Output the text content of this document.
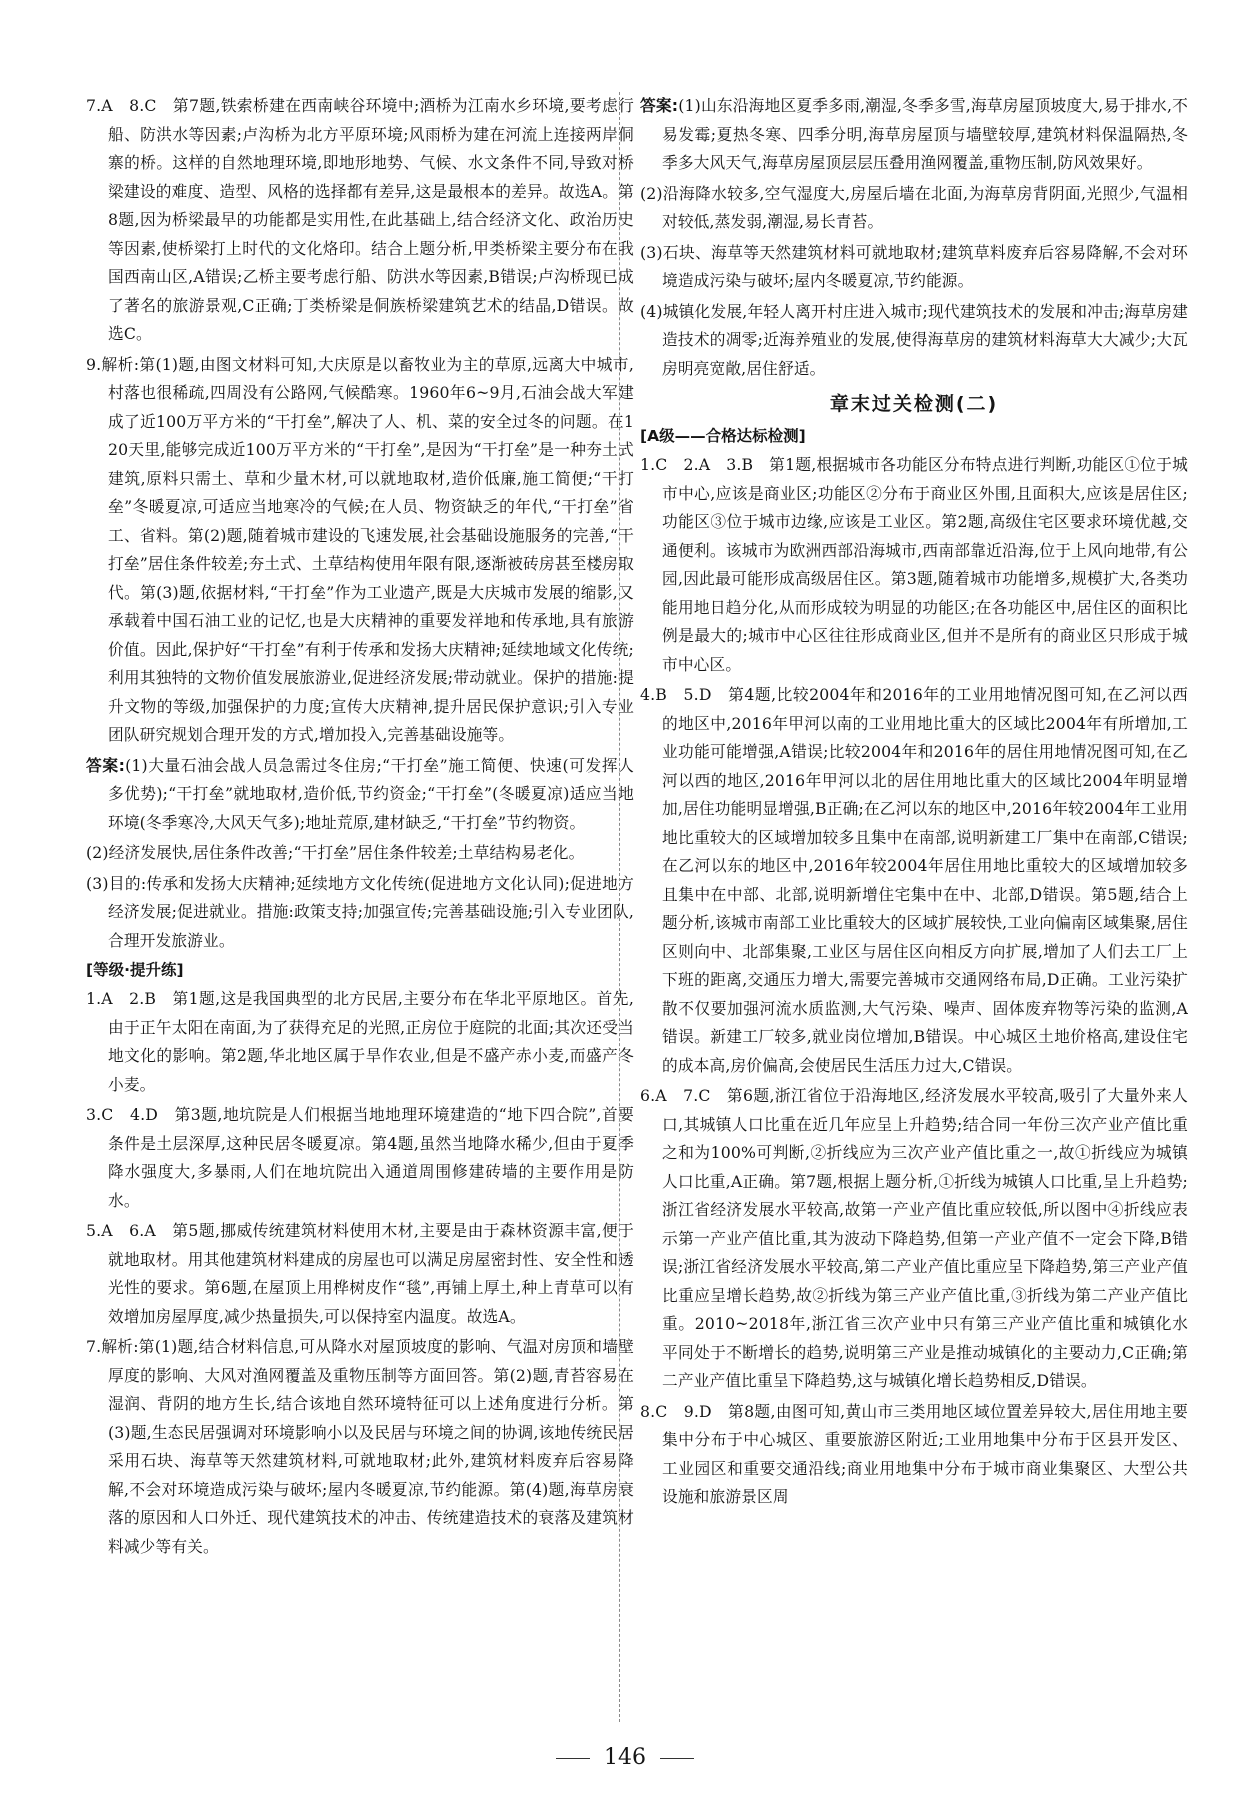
7.A　8.C　第7题,铁索桥建在西南峡谷环境中;酒桥为江南水乡环境,要考虑行船、防洪水等因素;卢沟桥为北方平原环境;风雨桥为建在河流上连接两岸侗寨的桥。这样的自然地理环境,即地形地势、气候、水文条件不同,导致对桥梁建设的难度、造型、风格的选择都有差异,这是最根本的差异。故选A。第8题,因为桥梁最早的功能都是实用性,在此基础上,结合经济文化、政治历史等因素,使桥梁打上时代的文化烙印。结合上题分析,甲类桥梁主要分布在我国西南山区,A错误;乙桥主要考虑行船、防洪水等因素,B错误;卢沟桥现已成了著名的旅游景观,C正确;丁类桥梁是侗族桥梁建筑艺术的结晶,D错误。故选C。

9.解析:第(1)题,由图文材料可知,大庆原是以畜牧业为主的草原,远离大中城市,村落也很稀疏,四周没有公路网,气候酷寒。1960年6~9月,石油会战大军建成了近100万平方米的“干打垒”,解决了人、机、菜的安全过冬的问题。在120天里,能够完成近100万平方米的“干打垒”,是因为“干打垒”是一种夯土式建筑,原料只需土、草和少量木材,可以就地取材,造价低廉,施工简便;“干打垒”冬暖夏凉,可适应当地寒冷的气候;在人员、物资缺乏的年代,“干打垒”省工、省料。第(2)题,随着城市建设的飞速发展,社会基础设施服务的完善,“干打垒”居住条件较差;夯土式、土草结构使用年限有限,逐渐被砖房甚至楼房取代。第(3)题,依据材料,“干打垒”作为工业遗产,既是大庆城市发展的缩影,又承载着中国石油工业的记忆,也是大庆精神的重要发祥地和传承地,具有旅游价值。因此,保护好“干打垒”有利于传承和发扬大庆精神;延续地域文化传统;利用其独特的文物价值发展旅游业,促进经济发展;带动就业。保护的措施:提升文物的等级,加强保护的力度;宣传大庆精神,提升居民保护意识;引入专业团队研究规划合理开发的方式,增加投入,完善基础设施等。

答案:(1)大量石油会战人员急需过冬住房;“干打垒”施工简便、快速(可发挥人多优势);“干打垒”就地取材,造价低,节约资金;“干打垒”(冬暖夏凉)适应当地环境(冬季寒冷,大风天气多);地址荒原,建材缺乏,“干打垒”节约物资。

(2)经济发展快,居住条件改善;“干打垒”居住条件较差;土草结构易老化。

(3)目的:传承和发扬大庆精神;延续地方文化传统(促进地方文化认同);促进地方经济发展;促进就业。措施:政策支持;加强宣传;完善基础设施;引入专业团队,合理开发旅游业。

[等级·提升练]

1.A　2.B　第1题,这是我国典型的北方民居,主要分布在华北平原地区。首先,由于正午太阳在南面,为了获得充足的光照,正房位于庭院的北面;其次还受当地文化的影响。第2题,华北地区属于旱作农业,但是不盛产赤小麦,而盛产冬小麦。

3.C　4.D　第3题,地坑院是人们根据当地地理环境建造的“地下四合院”,首要条件是土层深厚,这种民居冬暖夏凉。第4题,虽然当地降水稀少,但由于夏季降水强度大,多暴雨,人们在地坑院出入通道周围修建砖墙的主要作用是防水。

5.A　6.A　第5题,挪威传统建筑材料使用木材,主要是由于森林资源丰富,便于就地取材。用其他建筑材料建成的房屋也可以满足房屋密封性、安全性和透光性的要求。第6题,在屋顶上用桦树皮作“毯”,再铺上厚土,种上青草可以有效增加房屋厚度,减少热量损失,可以保持室内温度。故选A。

7.解析:第(1)题,结合材料信息,可从降水对屋顶坡度的影响、气温对房顶和墙壁厚度的影响、大风对渔网覆盖及重物压制等方面回答。第(2)题,青苔容易在湿润、背阴的地方生长,结合该地自然环境特征可以上述角度进行分析。第(3)题,生态民居强调对环境影响小以及民居与环境之间的协调,该地传统民居采用石块、海草等天然建筑材料,可就地取材;此外,建筑材料废弃后容易降解,不会对环境造成污染与破坏;屋内冬暖夏凉,节约能源。第(4)题,海草房衰落的原因和人口外迁、现代建筑技术的冲击、传统建造技术的衰落及建筑材料减少等有关。

答案:(1)山东沿海地区夏季多雨,潮湿,冬季多雪,海草房屋顶坡度大,易于排水,不易发霉;夏热冬寒、四季分明,海草房屋顶与墙壁较厚,建筑材料保温隔热,冬季多大风天气,海草房屋顶层层压叠用渔网覆盖,重物压制,防风效果好。

(2)沿海降水较多,空气湿度大,房屋后墙在北面,为海草房背阴面,光照少,气温相对较低,蒸发弱,潮湿,易长青苔。

(3)石块、海草等天然建筑材料可就地取材;建筑草料废弃后容易降解,不会对环境造成污染与破坏;屋内冬暖夏凉,节约能源。

(4)城镇化发展,年轻人离开村庄进入城市;现代建筑技术的发展和冲击;海草房建造技术的凋零;近海养殖业的发展,使得海草房的建筑材料海草大大减少;大瓦房明亮宽敞,居住舒适。

章末过关检测(二)
[A级——合格达标检测]

1.C　2.A　3.B　第1题,根据城市各功能区分布特点进行判断,功能区①位于城市中心,应该是商业区;功能区②分布于商业区外围,且面积大,应该是居住区;功能区③位于城市边缘,应该是工业区。第2题,高级住宅区要求环境优越,交通便利。该城市为欧洲西部沿海城市,西南部靠近沿海,位于上风向地带,有公园,因此最可能形成高级居住区。第3题,随着城市功能增多,规模扩大,各类功能用地日趋分化,从而形成较为明显的功能区;在各功能区中,居住区的面积比例是最大的;城市中心区往往形成商业区,但并不是所有的商业区只形成于城市中心区。

4.B　5.D　第4题,比较2004年和2016年的工业用地情况图可知,在乙河以西的地区中,2016年甲河以南的工业用地比重大的区域比2004年有所增加,工业功能可能增强,A错误;比较2004年和2016年的居住用地情况图可知,在乙河以西的地区,2016年甲河以北的居住用地比重大的区域比2004年明显增加,居住功能明显增强,B正确;在乙河以东的地区中,2016年较2004年工业用地比重较大的区域增加较多且集中在南部,说明新建工厂集中在南部,C错误;在乙河以东的地区中,2016年较2004年居住用地比重较大的区域增加较多且集中在中部、北部,说明新增住宅集中在中、北部,D错误。第5题,结合上题分析,该城市南部工业比重较大的区域扩展较快,工业向偏南区域集聚,居住区则向中、北部集聚,工业区与居住区向相反方向扩展,增加了人们去工厂上下班的距离,交通压力增大,需要完善城市交通网络布局,D正确。工业污染扩散不仅要加强河流水质监测,大气污染、噪声、固体废弃物等污染的监测,A错误。新建工厂较多,就业岗位增加,B错误。中心城区土地价格高,建设住宅的成本高,房价偏高,会使居民生活压力过大,C错误。

6.A　7.C　第6题,浙江省位于沿海地区,经济发展水平较高,吸引了大量外来人口,其城镇人口比重在近几年应呈上升趋势;结合同一年份三次产业产值比重之和为100%可判断,②折线应为三次产业产值比重之一,故①折线应为城镇人口比重,A正确。第7题,根据上题分析,①折线为城镇人口比重,呈上升趋势;浙江省经济发展水平较高,故第一产业产值比重应较低,所以图中④折线应表示第一产业产值比重,其为波动下降趋势,但第一产业产值不一定会下降,B错误;浙江省经济发展水平较高,第二产业产值比重应呈下降趋势,第三产业产值比重应呈增长趋势,故②折线为第三产业产值比重,③折线为第二产业产值比重。2010~2018年,浙江省三次产业中只有第三产业产值比重和城镇化水平同处于不断增长的趋势,说明第三产业是推动城镇化的主要动力,C正确;第二产业产值比重呈下降趋势,这与城镇化增长趋势相反,D错误。

8.C　9.D　第8题,由图可知,黄山市三类用地区域位置差异较大,居住用地主要集中分布于中心城区、重要旅游区附近;工业用地集中分布于区县开发区、工业园区和重要交通沿线;商业用地集中分布于城市商业集聚区、大型公共设施和旅游景区周

146
